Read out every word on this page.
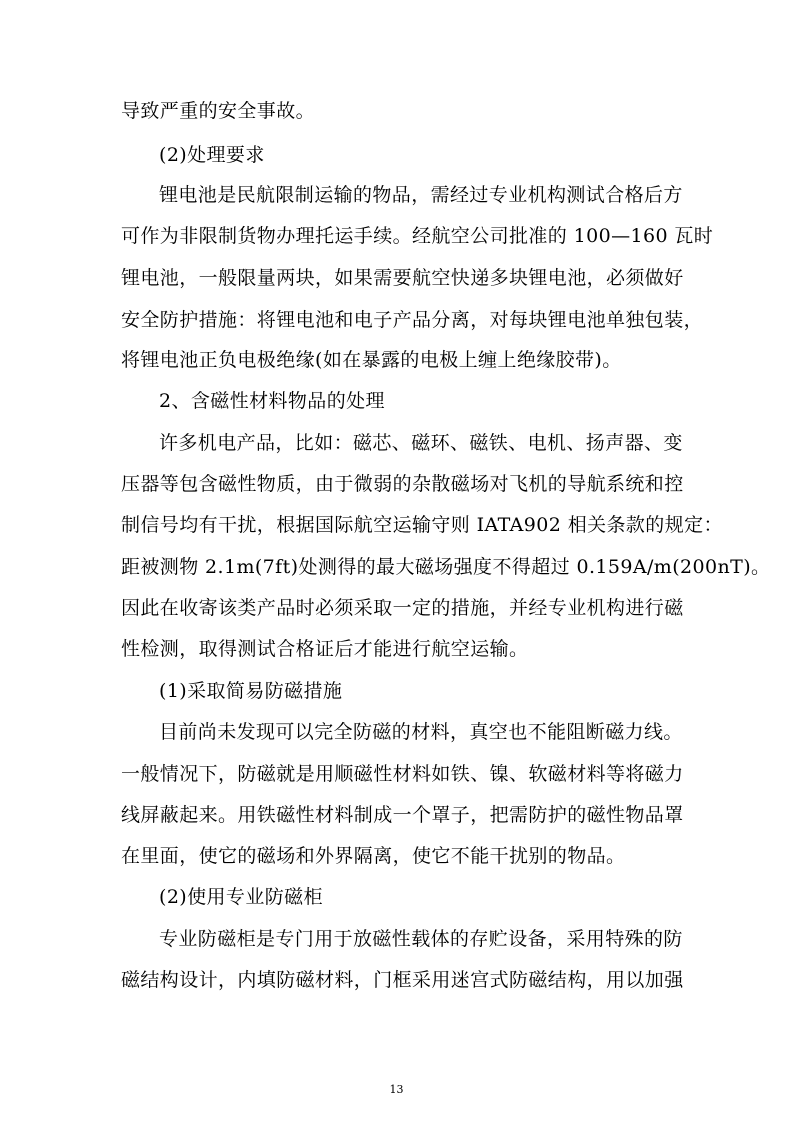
导致严重的安全事故。
(2)处理要求
锂电池是民航限制运输的物品，需经过专业机构测试合格后方
可作为非限制货物办理托运手续。经航空公司批准的 100—160 瓦时
锂电池，一般限量两块，如果需要航空快递多块锂电池，必须做好
安全防护措施：将锂电池和电子产品分离，对每块锂电池单独包装，
将锂电池正负电极绝缘(如在暴露的电极上缠上绝缘胶带)。
2、含磁性材料物品的处理
许多机电产品，比如：磁芯、磁环、磁铁、电机、扬声器、变
压器等包含磁性物质，由于微弱的杂散磁场对飞机的导航系统和控
制信号均有干扰，根据国际航空运输守则 IATA902 相关条款的规定：
距被测物 2.1m(7ft)处测得的最大磁场强度不得超过 0.159A/m(200nT)。
因此在收寄该类产品时必须采取一定的措施，并经专业机构进行磁
性检测，取得测试合格证后才能进行航空运输。
(1)采取简易防磁措施
目前尚未发现可以完全防磁的材料，真空也不能阻断磁力线。
一般情况下，防磁就是用顺磁性材料如铁、镍、软磁材料等将磁力
线屏蔽起来。用铁磁性材料制成一个罩子，把需防护的磁性物品罩
在里面，使它的磁场和外界隔离，使它不能干扰别的物品。
(2)使用专业防磁柜
专业防磁柜是专门用于放磁性载体的存贮设备，采用特殊的防
磁结构设计，内填防磁材料，门框采用迷宫式防磁结构，用以加强
13
